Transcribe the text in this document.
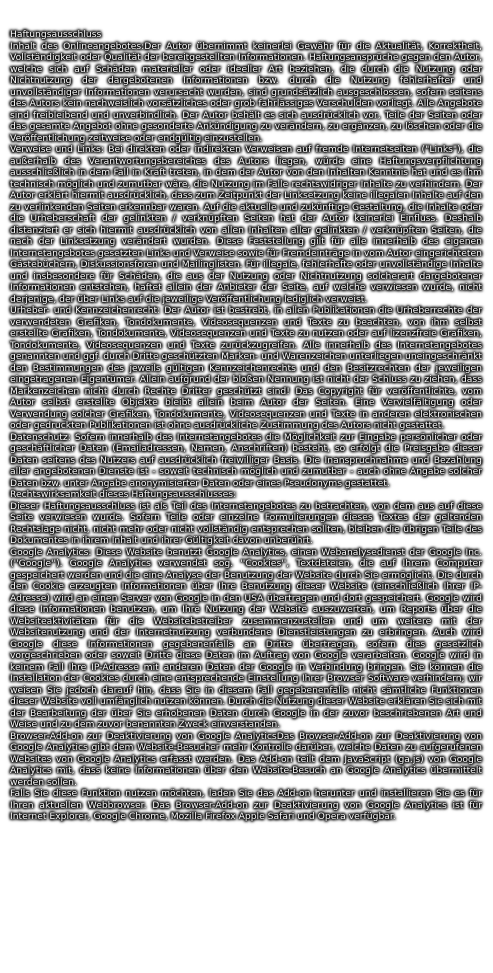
Haftungsausschluss

Inhalt des Onlineangebotes:Der Autor übernimmt keinerlei Gewähr für die Aktualität, Korrektheit, Vollständigkeit oder Qualität der bereitgestellten Informationen. Haftungsansprüche gegen den Autor, welche sich auf Schäden materieller oder ideeller Art beziehen, die durch die Nutzung oder Nichtnutzung der dargebotenen Informationen bzw. durch die Nutzung fehlerhafter und unvollständiger Informationen verursacht wurden, sind grundsätzlich ausgeschlossen, sofern seitens des Autors kein nachweislich vorsätzliches oder grob fahrlässiges Verschulden vorliegt. Alle Angebote sind freibleibend und unverbindlich. Der Autor behält es sich ausdrücklich vor, Teile der Seiten oder das gesamte Angebot ohne gesonderte Ankündigung zu verändern, zu ergänzen, zu löschen oder die Veröffentlichung zeitweise oder endgültig einzustellen.

Verweise und Links: Bei direkten oder indirekten Verweisen auf fremde Internetseiten ("Links"), die außerhalb des Verantwortungsbereiches des Autors liegen, würde eine Haftungsverpflichtung ausschließlich in dem Fall in Kraft treten, in dem der Autor von den Inhalten Kenntnis hat und es ihm technisch möglich und zumutbar wäre, die Nutzung im Falle rechtswidriger Inhalte zu verhindern. Der Autor erklärt hiermit ausdrücklich, dass zum Zeitpunkt der Linksetzung keine illegalen Inhalte auf den zu verlinkenden Seiten erkennbar waren. Auf die aktuelle und zukünftige Gestaltung, die Inhalte oder die Urheberschaft der gelinkten / verknüpften Seiten hat der Autor keinerlei Einfluss. Deshalb distanziert er sich hiermit ausdrücklich von allen Inhalten aller gelinkten / verknüpften Seiten, die nach der Linksetzung verändert wurden. Diese Feststellung gilt für alle innerhalb des eigenen Internetangebotes gesetzten Links und Verweise sowie für Fremdeinträge in vom Autor eingerichteten Gästebüchern, Diskussionsforen und Mailinglisten. Für illegale, fehlerhafte oder unvollständige Inhalte und insbesondere für Schäden, die aus der Nutzung oder Nichtnutzung solcherart dargebotener Informationen entstehen, haftet allein der Anbieter der Seite, auf welche verwiesen wurde, nicht derjenige, der über Links auf die jeweilige Veröffentlichung lediglich verweist.

Urheber- und Kennzeichenrecht: Der Autor ist bestrebt, in allen Publikationen die Urheberrechte der verwendeten Grafiken, Tondokumente, Videosequenzen und Texte zu beachten, von ihm selbst erstellte Grafiken, Tondokumente, Videosequenzen und Texte zu nutzen oder auf lizenzfreie Grafiken, Tondokumente, Videosequenzen und Texte zurückzugreifen. Alle innerhalb des Internetangebotes genannten und ggf. durch Dritte geschützten Marken- und Warenzeichen unterliegen uneingeschränkt den Bestimmungen des jeweils gültigen Kennzeichenrechts und den Besitzrechten der jeweiligen eingetragenen Eigentümer. Allein aufgrund der bloßen Nennung ist nicht der Schluss zu ziehen, dass Markenzeichen nicht durch Rechte Dritter geschützt sind! Das Copyright für veröffentlichte, vom Autor selbst erstellte Objekte bleibt allein beim Autor der Seiten. Eine Vervielfältigung oder Verwendung solcher Grafiken, Tondokumente, Videosequenzen und Texte in anderen elektronischen oder gedruckten Publikationen ist ohne ausdrückliche Zustimmung des Autors nicht gestattet.

Datenschutz: Sofern innerhalb des Internetangebotes die Möglichkeit zur Eingabe persönlicher oder geschäftlicher Daten (Emailadressen, Namen, Anschriften) besteht, so erfolgt die Preisgabe dieser Daten seitens des Nutzers auf ausdrücklich freiwilliger Basis. Die Inanspruchnahme und Bezahlung aller angebotenen Dienste ist - soweit technisch möglich und zumutbar - auch ohne Angabe solcher Daten bzw. unter Angabe anonymisierter Daten oder eines Pseudonyms gestattet.

Rechtswirksamkeit dieses Haftungsausschlusses:

Dieser Haftungsausschluss ist als Teil des Internetangebotes zu betrachten, von dem aus auf diese Seite verwiesen wurde. Sofern Teile oder einzelne Formulierungen dieses Textes der geltenden Rechtslage nicht, nicht mehr oder nicht vollständig entsprechen sollten, bleiben die übrigen Teile des Dokumentes in ihrem Inhalt und ihrer Gültigkeit davon unberührt.

Google Analytics: Diese Website benutzt Google Analytics, einen Webanalysedienst der Google Inc. (''Google''). Google Analytics verwendet sog. ''Cookies'', Textdateien, die auf Ihrem Computer gespeichert werden und die eine Analyse der Benutzung der Website durch Sie ermöglicht. Die durch den Cookie erzeugten Informationen über Ihre Benutzung dieser Website (einschließlich Ihrer IP-Adresse) wird an einen Server von Google in den USA übertragen und dort gespeichert. Google wird diese Informationen benutzen, um Ihre Nutzung der Website auszuwerten, um Reports über die Websiteaktivitäten für die Websitebetreiber zusammenzustellen und um weitere mit der Websitenutzung und der Internetnutzung verbundene Dienstleistungen zu erbringen. Auch wird Google diese Informationen gegebenenfalls an Dritte übertragen, sofern dies gesetzlich vorgeschrieben oder soweit Dritte diese Daten im Auftrag von Google verarbeiten. Google wird in keinem Fall Ihre IP-Adresse mit anderen Daten der Google in Verbindung bringen. Sie können die Installation der Cookies durch eine entsprechende Einstellung Ihrer Browser Software verhindern; wir weisen Sie jedoch darauf hin, dass Sie in diesem Fall gegebenenfalls nicht sämtliche Funktionen dieser Website voll umfänglich nutzen können. Durch die Nutzung dieser Website erklären Sie sich mit der Bearbeitung der über Sie erhobenen Daten durch Google in der zuvor beschriebenen Art und Weise und zu dem zuvor benannten Zweck einverstanden.

Browser-Add-on zur Deaktivierung von Google AnalyticsDas Browser-Add-on zur Deaktivierung von Google Analytics gibt dem Website-Besucher mehr Kontrolle darüber, welche Daten zu aufgerufenen Websites von Google Analytics erfasst werden. Das Add-on teilt dem JavaScript (ga.js) von Google Analytics mit, dass keine Informationen über den Website-Besuch an Google Analytics übermittelt werden sollen.

Falls Sie diese Funktion nutzen möchten, laden Sie das Add-on herunter und installieren Sie es für Ihren aktuellen Webbrowser. Das Browser-Add-on zur Deaktivierung von Google Analytics ist für Internet Explorer, Google Chrome, Mozilla Firefox Apple Safari und Opera verfügbar.
